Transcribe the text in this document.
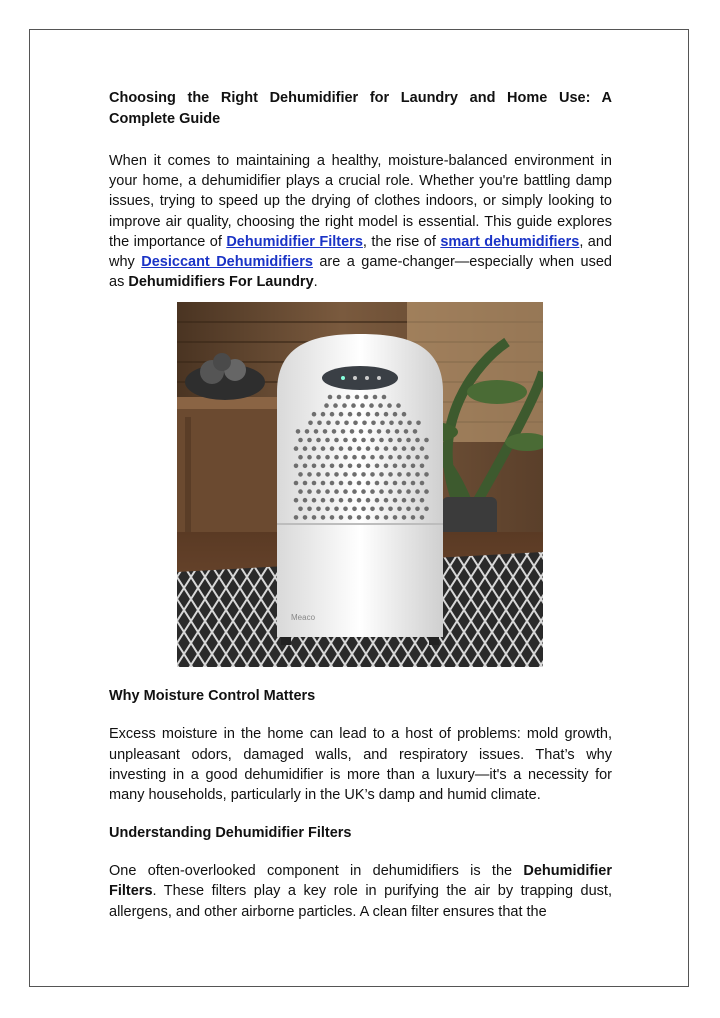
Choosing the Right Dehumidifier for Laundry and Home Use: A Complete Guide

When it comes to maintaining a healthy, moisture-balanced environment in your home, a dehumidifier plays a crucial role. Whether you're battling damp issues, trying to speed up the drying of clothes indoors, or simply looking to improve air quality, choosing the right model is essential. This guide explores the importance of Dehumidifier Filters, the rise of smart dehumidifiers, and why Desiccant Dehumidifiers are a game-changer—especially when used as Dehumidifiers For Laundry.

Why Moisture Control Matters

Excess moisture in the home can lead to a host of problems: mold growth, unpleasant odors, damaged walls, and respiratory issues. That’s why investing in a good dehumidifier is more than a luxury—it's a necessity for many households, particularly in the UK’s damp and humid climate.

Understanding Dehumidifier Filters

One often-overlooked component in dehumidifiers is the Dehumidifier Filters. These filters play a key role in purifying the air by trapping dust, allergens, and other airborne particles. A clean filter ensures that the

Meaco
